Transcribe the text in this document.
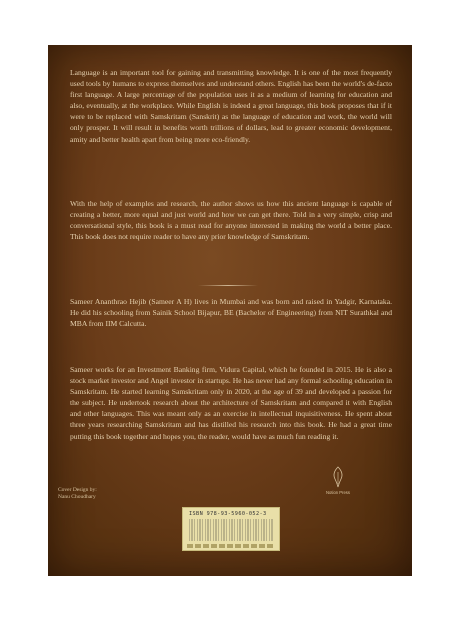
Language is an important tool for gaining and transmitting knowledge. It is one of the most frequently used tools by humans to express themselves and understand others. English has been the world's de-facto first language. A large percentage of the population uses it as a medium of learning for education and also, eventually, at the workplace. While English is indeed a great language, this book proposes that if it were to be replaced with Samskritam (Sanskrit) as the language of education and work, the world will only prosper. It will result in benefits worth trillions of dollars, lead to greater economic development, amity and better health apart from being more eco-friendly.

With the help of examples and research, the author shows us how this ancient language is capable of creating a better, more equal and just world and how we can get there. Told in a very simple, crisp and conversational style, this book is a must read for anyone interested in making the world a better place. This book does not require reader to have any prior knowledge of Samskritam.

Sameer Ananthrao Hejib (Sameer A H) lives in Mumbai and was born and raised in Yadgir, Karnataka. He did his schooling from Sainik School Bijapur, BE (Bachelor of Engineering) from NIT Surathkal and MBA from IIM Calcutta.

Sameer works for an Investment Banking firm, Vidura Capital, which he founded in 2015. He is also a stock market investor and Angel investor in startups. He has never had any formal schooling education in Samskritam. He started learning Samskritam only in 2020, at the age of 39 and developed a passion for the subject. He undertook research about the architecture of Samskritam and compared it with English and other languages. This was meant only as an exercise in intellectual inquisitiveness. He spent about three years researching Samskritam and has distilled his research into this book. He had a great time putting this book together and hopes you, the reader, would have as much fun reading it.

ISBN 978-93-5960-052-3
Cover Design by:
Nanu Choudhary
Notion Press
